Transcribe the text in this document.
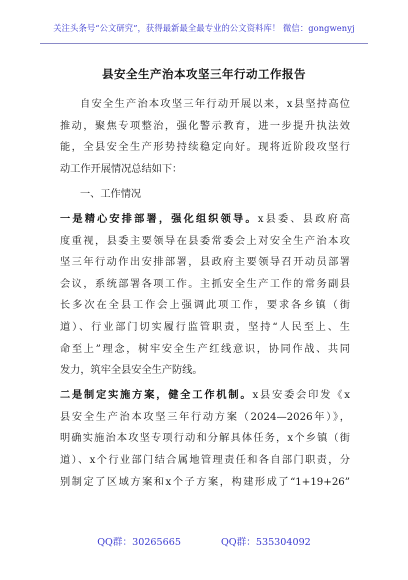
关注头条号“公文研究”，获得最新最全最专业的公文资料库！ 微信：gongwenyj
县安全生产治本攻坚三年行动工作报告
自安全生产治本攻坚三年行动开展以来，x县坚持高位
推动，聚焦专项整治，强化警示教育，进一步提升执法效
能，全县安全生产形势持续稳定向好。现将近阶段攻坚行
动工作开展情况总结如下：
一、工作情况
一是精心安排部署，强化组织领导。x县委、县政府高
度重视，县委主要领导在县委常委会上对安全生产治本攻
坚三年行动作出安排部署，县政府主要领导召开动员部署
会议，系统部署各项工作。主抓安全生产工作的常务副县
长多次在全县工作会上强调此项工作，要求各乡镇（街
道）、行业部门切实履行监管职责，坚持“人民至上、生
命至上”理念，树牢安全生产红线意识，协同作战、共同
发力，筑牢全县安全生产防线。
二是制定实施方案，健全工作机制。x县安委会印发《x
县安全生产治本攻坚三年行动方案（2024—2026年）》，
明确实施治本攻坚专项行动和分解具体任务，x个乡镇（街
道）、x个行业部门结合属地管理责任和各自部门职责，分
别制定了区域方案和x个子方案，构建形成了“1+19+26”
QQ群：30265665	QQ群：535304092
